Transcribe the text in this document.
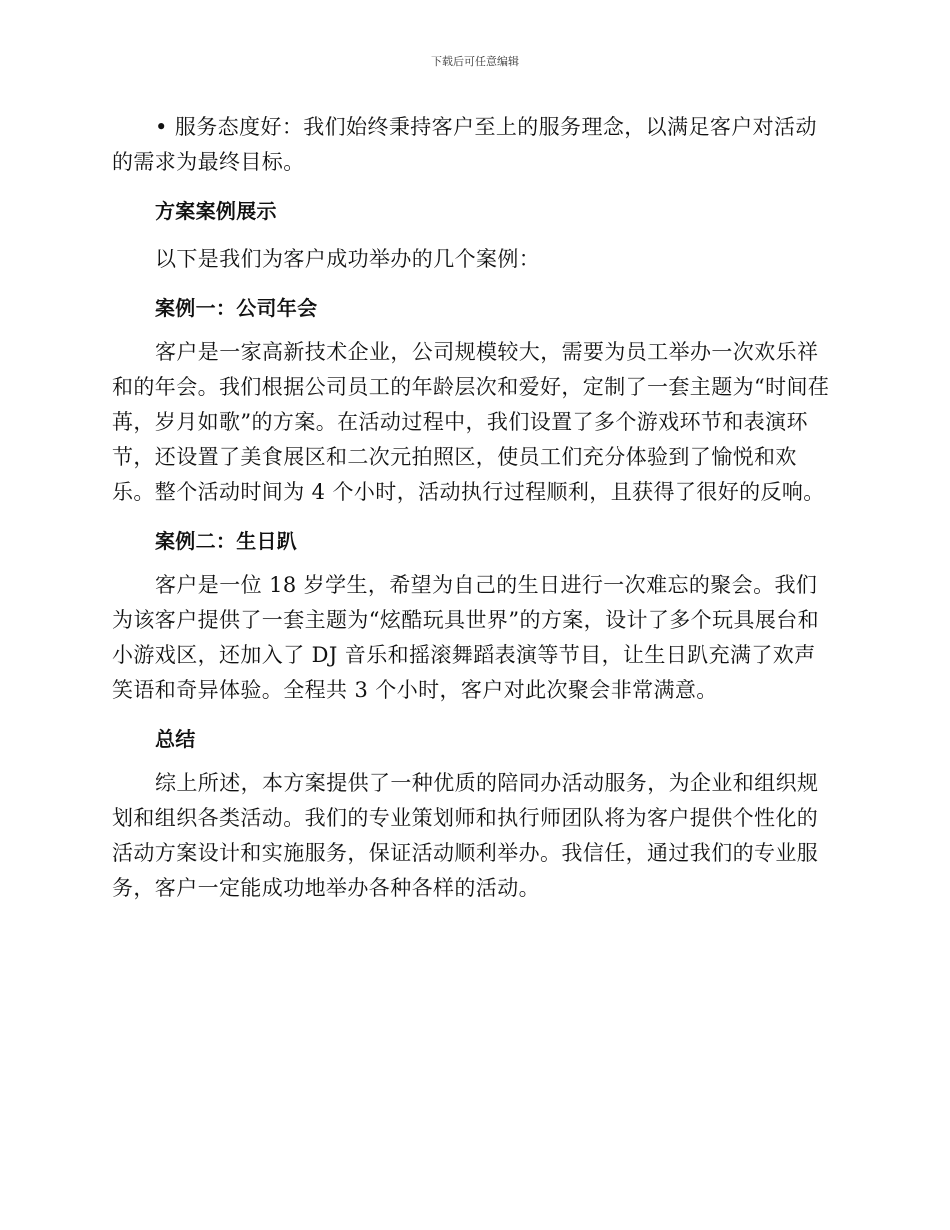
下载后可任意编辑

• 服务态度好：我们始终秉持客户至上的服务理念，以满足客户对活动的需求为最终目标。

方案案例展示

以下是我们为客户成功举办的几个案例：

案例一：公司年会

客户是一家高新技术企业，公司规模较大，需要为员工举办一次欢乐祥和的年会。我们根据公司员工的年龄层次和爱好，定制了一套主题为“时间荏苒，岁月如歌”的方案。在活动过程中，我们设置了多个游戏环节和表演环节，还设置了美食展区和二次元拍照区，使员工们充分体验到了愉悦和欢乐。整个活动时间为 4 个小时，活动执行过程顺利，且获得了很好的反响。

案例二：生日趴

客户是一位 18 岁学生，希望为自己的生日进行一次难忘的聚会。我们为该客户提供了一套主题为“炫酷玩具世界”的方案，设计了多个玩具展台和小游戏区，还加入了 DJ 音乐和摇滚舞蹈表演等节目，让生日趴充满了欢声笑语和奇异体验。全程共 3 个小时，客户对此次聚会非常满意。

总结

综上所述，本方案提供了一种优质的陪同办活动服务，为企业和组织规划和组织各类活动。我们的专业策划师和执行师团队将为客户提供个性化的活动方案设计和实施服务，保证活动顺利举办。我信任，通过我们的专业服务，客户一定能成功地举办各种各样的活动。
